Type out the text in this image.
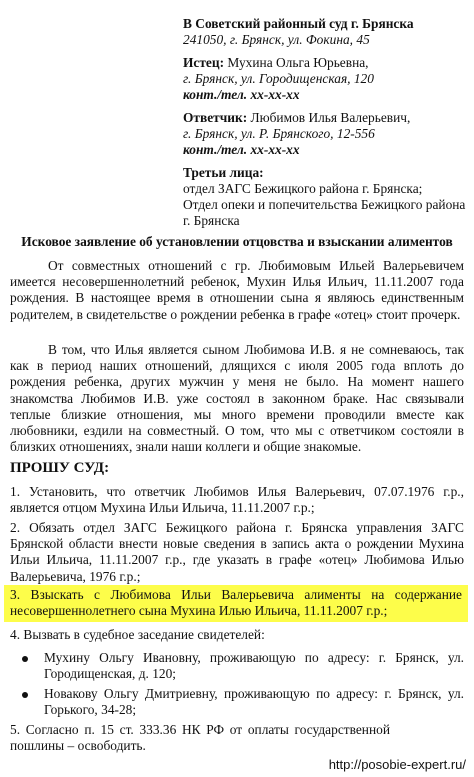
В Советский районный суд г. Брянска

241050, г. Брянск, ул. Фокина, 45

Истец: Мухина Ольга Юрьевна,

г. Брянск, ул. Городищенская, 120

конт./тел. хх-хх-хх

Ответчик: Любимов Илья Валерьевич,

г. Брянск, ул. Р. Брянского, 12-556

конт./тел. хх-хх-хх

Третьи лица:

отдел ЗАГС Бежицкого района г. Брянска;

Отдел опеки и попечительства Бежицкого района г. Брянска

Исковое заявление об установлении отцовства и взыскании алиментов

От совместных отношений с гр. Любимовым Ильей Валерьевичем имеется несовершеннолетний ребенок, Мухин Илья Ильич, 11.11.2007 года рождения. В настоящее время в отношении сына я являюсь единственным родителем, в свидетельстве о рождении ребенка в графе «отец» стоит прочерк.

В том, что Илья является сыном Любимова И.В. я не сомневаюсь, так как в период наших отношений, длящихся с июля 2005 года вплоть до рождения ребенка, других мужчин у меня не было. На момент нашего знакомства Любимов И.В. уже состоял в законном браке. Нас связывали теплые близкие отношения, мы много времени проводили вместе как любовники, ездили на совместный. О том, что мы с ответчиком состояли в близких отношениях, знали наши коллеги и общие знакомые.

ПРОШУ СУД:
1. Установить, что ответчик Любимов Илья Валерьевич, 07.07.1976 г.р., является отцом Мухина Ильи Ильича, 11.11.2007 г.р.;
2. Обязать отдел ЗАГС Бежицкого района г. Брянска управления ЗАГС Брянской области внести новые сведения в запись акта о рождении Мухина Ильи Ильича, 11.11.2007 г.р., где указать в графе «отец» Любимова Илью Валерьевича, 1976 г.р.;
3. Взыскать с Любимова Ильи Валерьевича алименты на содержание несовершеннолетнего сына Мухина Илью Ильича, 11.11.2007 г.р.;
4. Вызвать в судебное заседание свидетелей:
Мухину Ольгу Ивановну, проживающую по адресу: г. Брянск, ул. Городищенская, д. 120;
Новакову Ольгу Дмитриевну, проживающую по адресу: г. Брянск, ул. Горького, 34-28;
5. Согласно п. 15 ст. 333.36 НК РФ от оплаты государственной пошлины – освободить.
http://posobie-expert.ru/
